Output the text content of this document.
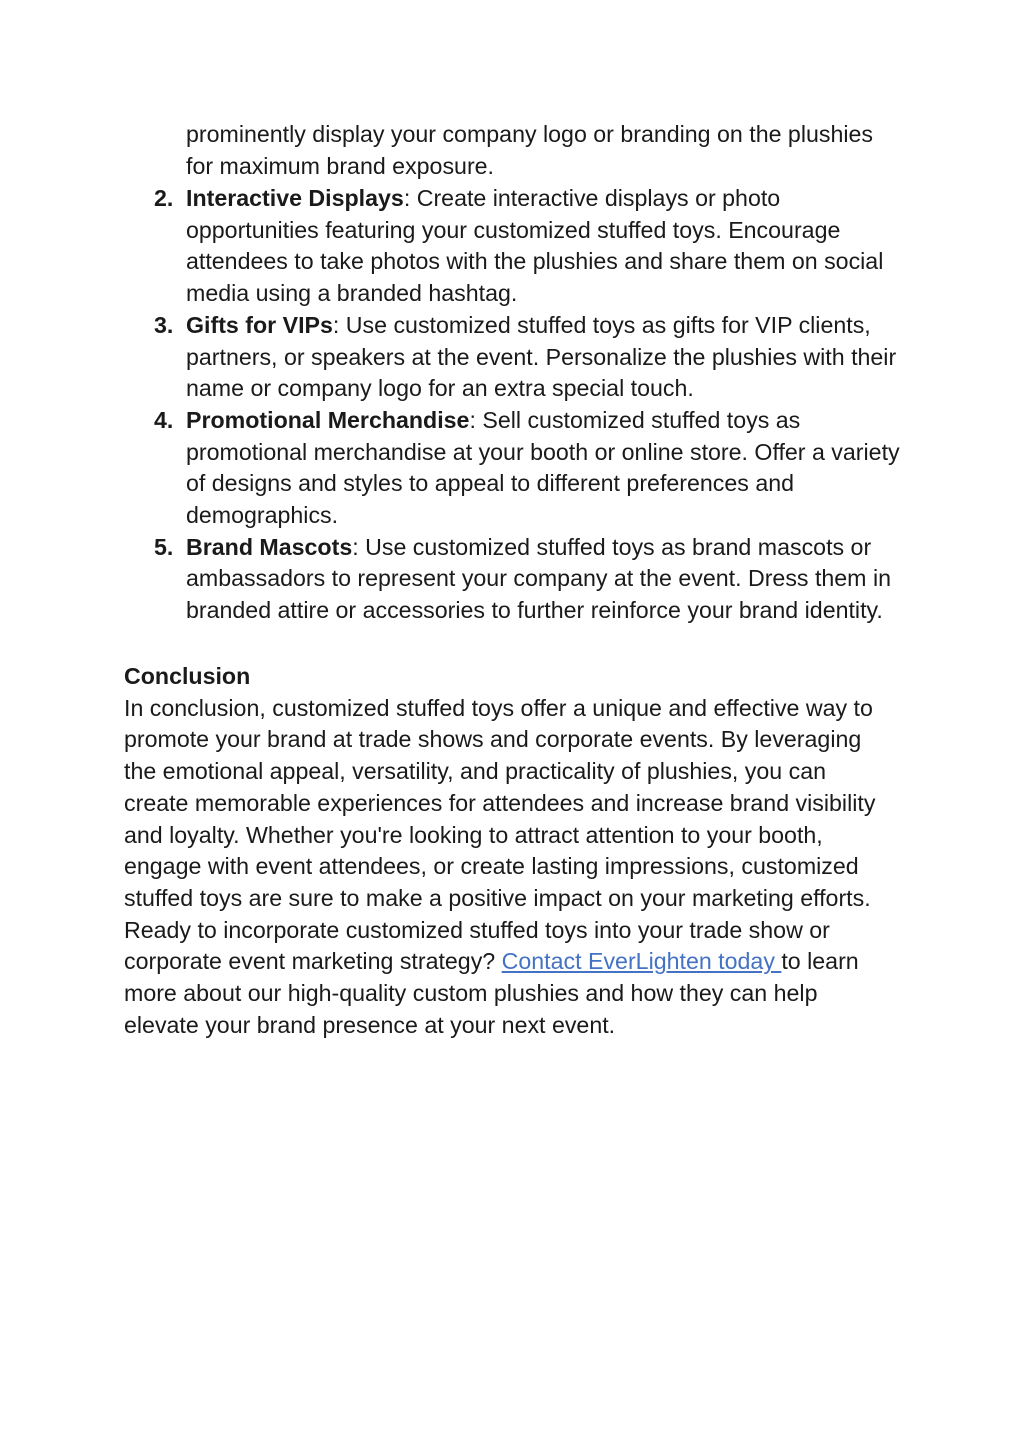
prominently display your company logo or branding on the plushies for maximum brand exposure.

2. Interactive Displays: Create interactive displays or photo opportunities featuring your customized stuffed toys. Encourage attendees to take photos with the plushies and share them on social media using a branded hashtag.
3. Gifts for VIPs: Use customized stuffed toys as gifts for VIP clients, partners, or speakers at the event. Personalize the plushies with their name or company logo for an extra special touch.
4. Promotional Merchandise: Sell customized stuffed toys as promotional merchandise at your booth or online store. Offer a variety of designs and styles to appeal to different preferences and demographics.
5. Brand Mascots: Use customized stuffed toys as brand mascots or ambassadors to represent your company at the event. Dress them in branded attire or accessories to further reinforce your brand identity.
Conclusion

In conclusion, customized stuffed toys offer a unique and effective way to promote your brand at trade shows and corporate events. By leveraging the emotional appeal, versatility, and practicality of plushies, you can create memorable experiences for attendees and increase brand visibility and loyalty. Whether you're looking to attract attention to your booth, engage with event attendees, or create lasting impressions, customized stuffed toys are sure to make a positive impact on your marketing efforts.

Ready to incorporate customized stuffed toys into your trade show or corporate event marketing strategy? Contact EverLighten today to learn more about our high-quality custom plushies and how they can help elevate your brand presence at your next event.
